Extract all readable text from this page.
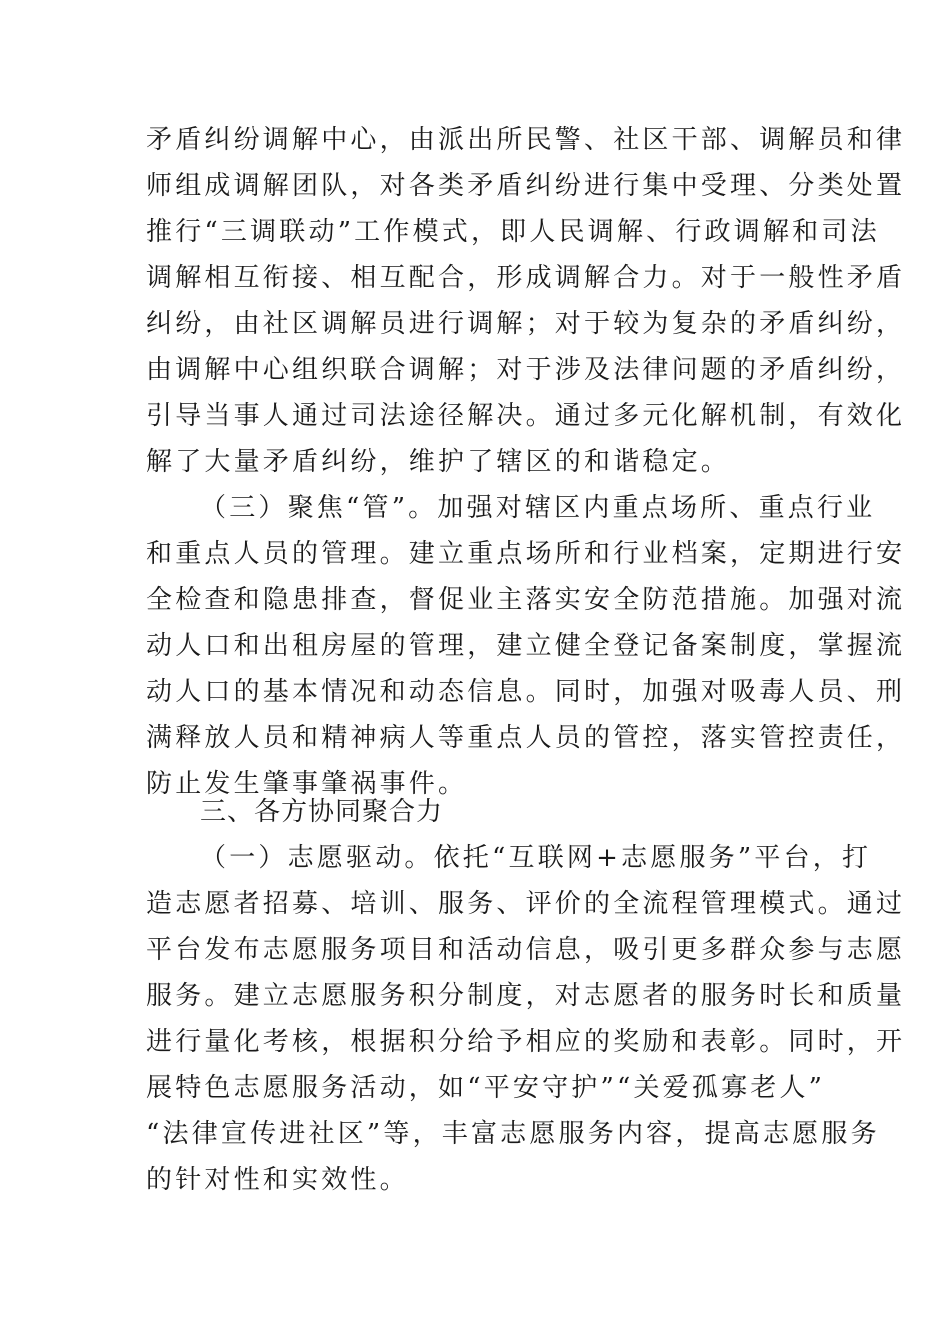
矛盾纠纷调解中心，由派出所民警、社区干部、调解员和律
师组成调解团队，对各类矛盾纠纷进行集中受理、分类处置
推行“三调联动”工作模式，即人民调解、行政调解和司法
调解相互衔接、相互配合，形成调解合力。对于一般性矛盾
纠纷，由社区调解员进行调解；对于较为复杂的矛盾纠纷，
由调解中心组织联合调解；对于涉及法律问题的矛盾纠纷，
引导当事人通过司法途径解决。通过多元化解机制，有效化
解了大量矛盾纠纷，维护了辖区的和谐稳定。
（三）聚焦“管”。加强对辖区内重点场所、重点行业
和重点人员的管理。建立重点场所和行业档案，定期进行安
全检查和隐患排查，督促业主落实安全防范措施。加强对流
动人口和出租房屋的管理，建立健全登记备案制度，掌握流
动人口的基本情况和动态信息。同时，加强对吸毒人员、刑
满释放人员和精神病人等重点人员的管控，落实管控责任，
防止发生肇事肇祸事件。
三、各方协同聚合力
（一）志愿驱动。依托“互联网+志愿服务”平台，打
造志愿者招募、培训、服务、评价的全流程管理模式。通过
平台发布志愿服务项目和活动信息，吸引更多群众参与志愿
服务。建立志愿服务积分制度，对志愿者的服务时长和质量
进行量化考核，根据积分给予相应的奖励和表彰。同时，开
展特色志愿服务活动，如“平安守护”“关爱孤寡老人”
“法律宣传进社区”等，丰富志愿服务内容，提高志愿服务
的针对性和实效性。
